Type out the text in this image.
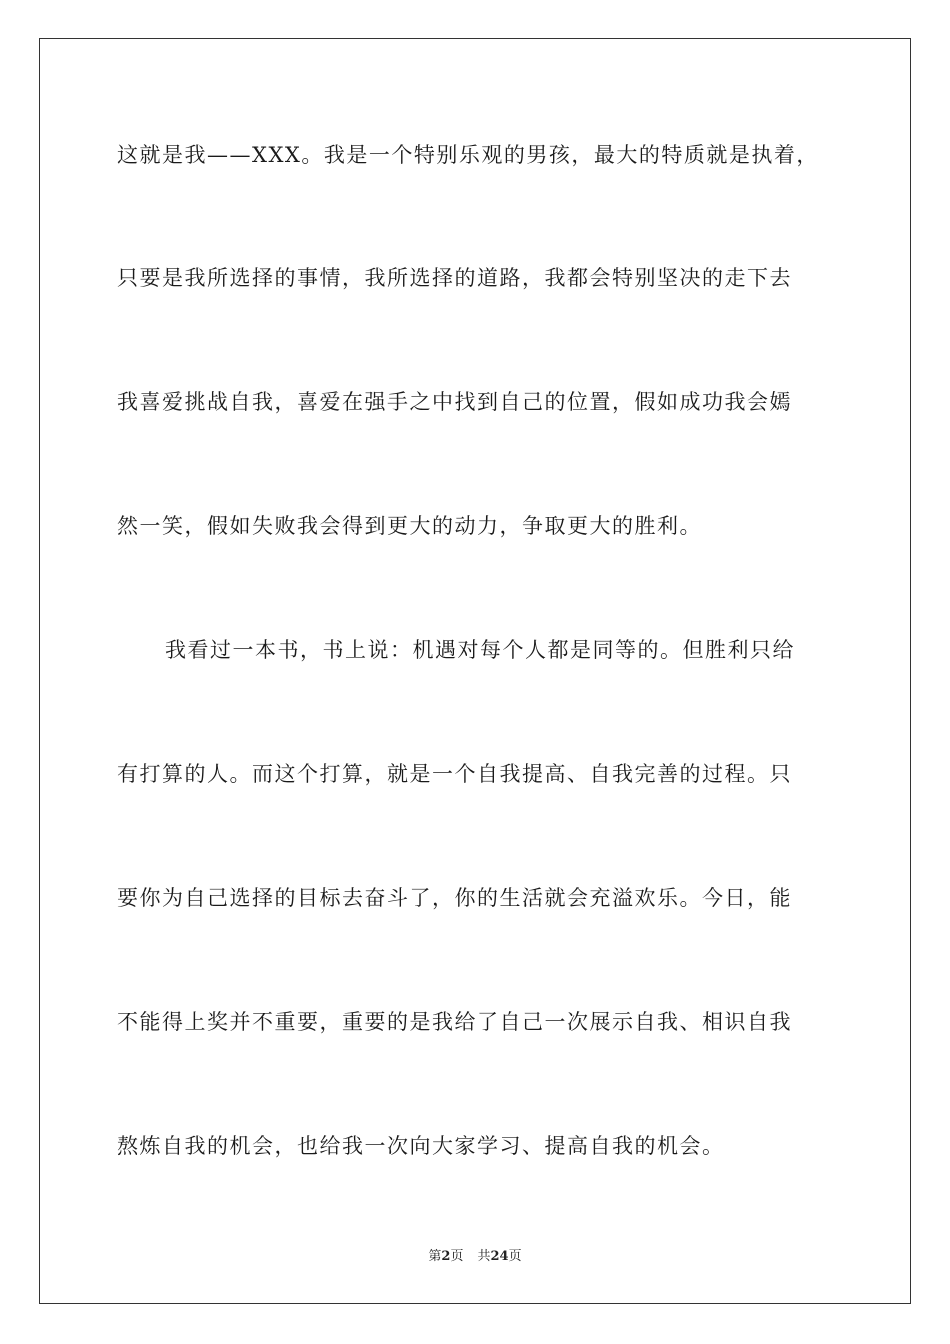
这就是我——XXX。我是一个特别乐观的男孩，最大的特质就是执着，
只要是我所选择的事情，我所选择的道路，我都会特别坚决的走下去
我喜爱挑战自我，喜爱在强手之中找到自己的位置，假如成功我会嫣
然一笑，假如失败我会得到更大的动力，争取更大的胜利。
我看过一本书，书上说：机遇对每个人都是同等的。但胜利只给
有打算的人。而这个打算，就是一个自我提高、自我完善的过程。只
要你为自己选择的目标去奋斗了，你的生活就会充溢欢乐。今日，能
不能得上奖并不重要，重要的是我给了自己一次展示自我、相识自我
熬炼自我的机会，也给我一次向大家学习、提高自我的机会。
第2页 共24页
